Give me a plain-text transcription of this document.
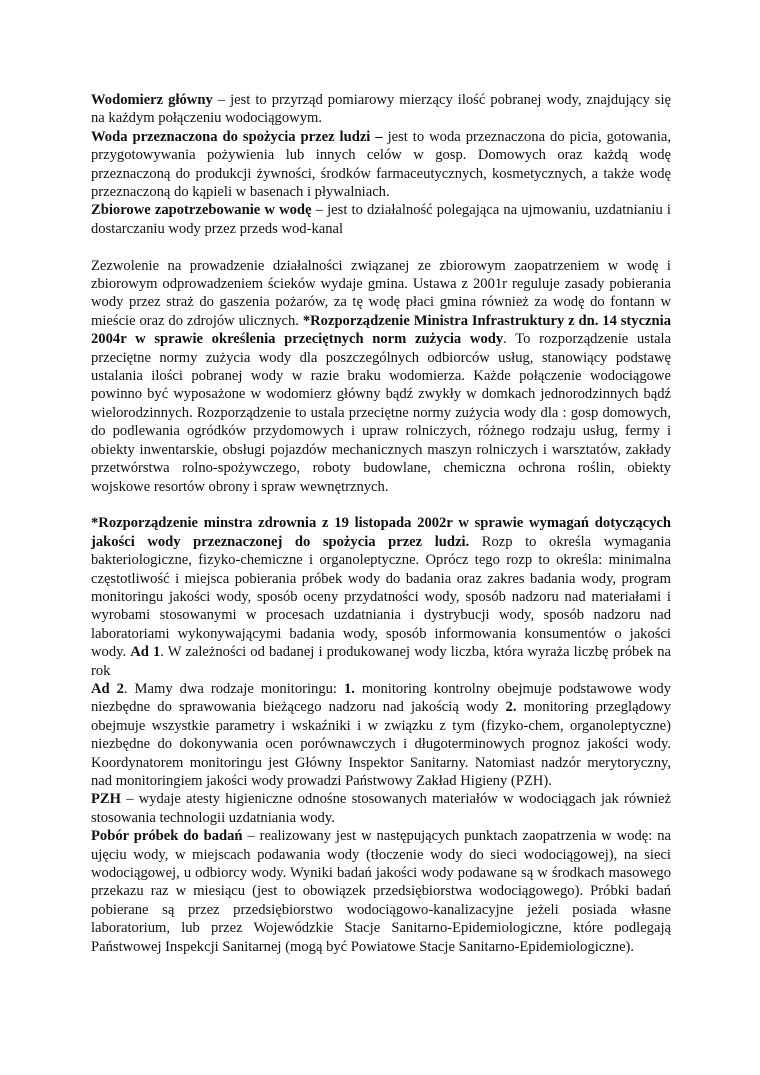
Wodomierz główny – jest to przyrząd pomiarowy mierzący ilość pobranej wody, znajdujący się na każdym połączeniu wodociągowym.

Woda przeznaczona do spożycia przez ludzi – jest to woda przeznaczona do picia, gotowania, przygotowywania pożywienia lub innych celów w gosp. Domowych oraz każdą wodę przeznaczoną do produkcji żywności, środków farmaceutycznych, kosmetycznych, a także wodę przeznaczoną do kąpieli w basenach i pływalniach.

Zbiorowe zapotrzebowanie w wodę – jest to działalność polegająca na ujmowaniu, uzdatnianiu i dostarczaniu wody przez przeds wod-kanal

Zezwolenie na prowadzenie działalności związanej ze zbiorowym zaopatrzeniem w wodę i zbiorowym odprowadzeniem ścieków wydaje gmina. Ustawa z 2001r reguluje zasady pobierania wody przez straż do gaszenia pożarów, za tę wodę płaci gmina również za wodę do fontann w mieście oraz do zdrojów ulicznych. *Rozporządzenie Ministra Infrastruktury z dn. 14 stycznia 2004r w sprawie określenia przeciętnych norm zużycia wody. To rozporządzenie ustala przeciętne normy zużycia wody dla poszczególnych odbiorców usług, stanowiący podstawę ustalania ilości pobranej wody w razie braku wodomierza. Każde połączenie wodociągowe powinno być wyposażone w wodomierz główny bądź zwykły w domkach jednorodzinnych bądź wielorodzinnych. Rozporządzenie to ustala przeciętne normy zużycia wody dla : gosp domowych, do podlewania ogródków przydomowych i upraw rolniczych, różnego rodzaju usług, fermy i obiekty inwentarskie, obsługi pojazdów mechanicznych maszyn rolniczych i warsztatów, zakłady przetwórstwa rolno-spożywczego, roboty budowlane, chemiczna ochrona roślin, obiekty wojskowe resortów obrony i spraw wewnętrznych.

*Rozporządzenie minstra zdrownia z 19 listopada 2002r w sprawie wymagań dotyczących jakości wody przeznaczonej do spożycia przez ludzi. Rozp to określa wymagania bakteriologiczne, fizyko-chemiczne i organoleptyczne. Oprócz tego rozp to określa: minimalna częstotliwość i miejsca pobierania próbek wody do badania oraz zakres badania wody, program monitoringu jakości wody, sposób oceny przydatności wody, sposób nadzoru nad materiałami i wyrobami stosowanymi w procesach uzdatniania i dystrybucji wody, sposób nadzoru nad laboratoriami wykonywającymi badania wody, sposób informowania konsumentów o jakości wody. Ad 1. W zależności od badanej i produkowanej wody liczba, która wyraża liczbę próbek na rok

Ad 2. Mamy dwa rodzaje monitoringu: 1. monitoring kontrolny obejmuje podstawowe wody niezbędne do sprawowania bieżącego nadzoru nad jakością wody 2. monitoring przeglądowy obejmuje wszystkie parametry i wskaźniki i w związku z tym (fizyko-chem, organoleptyczne) niezbędne do dokonywania ocen porównawczych i długoterminowych prognoz jakości wody. Koordynatorem monitoringu jest Główny Inspektor Sanitarny. Natomiast nadzór merytoryczny, nad monitoringiem jakości wody prowadzi Państwowy Zakład Higieny (PZH).

PZH – wydaje atesty higieniczne odnośne stosowanych materiałów w wodociągach jak również stosowania technologii uzdatniania wody.

Pobór próbek do badań – realizowany jest w następujących punktach zaopatrzenia w wodę: na ujęciu wody, w miejscach podawania wody (tłoczenie wody do sieci wodociągowej), na sieci wodociągowej, u odbiorcy wody. Wyniki badań jakości wody podawane są w środkach masowego przekazu raz w miesiącu (jest to obowiązek przedsiębiorstwa wodociągowego). Próbki badań pobierane są przez przedsiębiorstwo wodociągowo-kanalizacyjne jeżeli posiada własne laboratorium, lub przez Wojewódzkie Stacje Sanitarno-Epidemiologiczne, które podlegają Państwowej Inspekcji Sanitarnej (mogą być Powiatowe Stacje Sanitarno-Epidemiologiczne).
